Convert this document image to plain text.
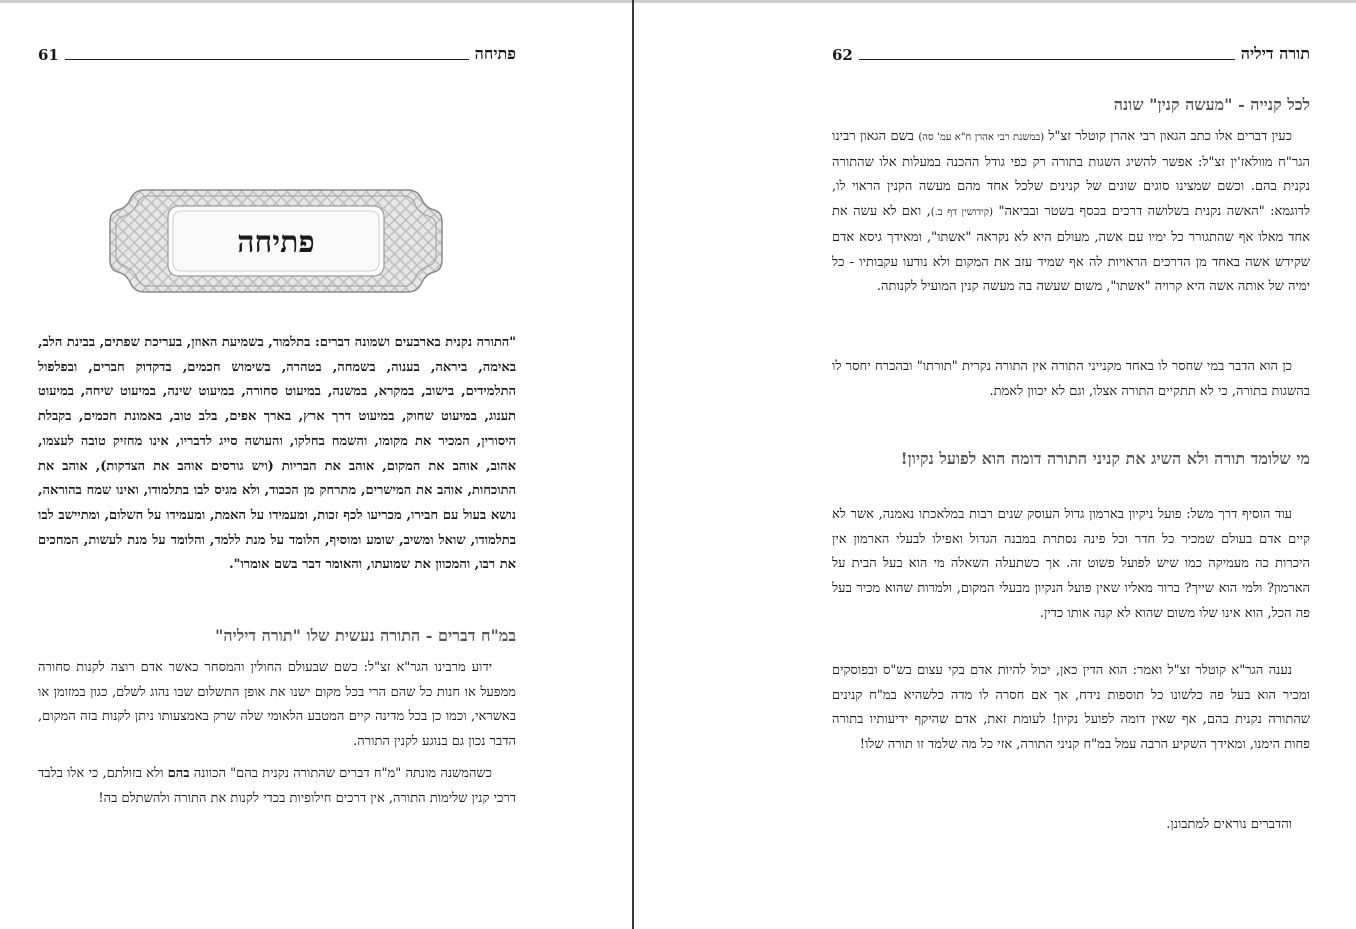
פתיחה
61
פתיחה
"התורה נקנית בארבעים ושמונה דברים: בתלמוד, בשמיעת האוזן, בעריכת שפתים, בבינת הלב, באימה, ביראה, בענוה, בשמחה, בטהרה, בשימוש חכמים, בדקדוק חברים, ובפלפול התלמידים, בישוב, במקרא, במשנה, במיעוט סחורה, במיעוט שינה, במיעוט שיחה, במיעוט תענוג, במיעוט שחוק, במיעוט דרך ארץ, בארך אפים, בלב טוב, באמונת חכמים, בקבלת היסורין, המכיר את מקומו, והשמח בחלקו, והעושה סייג לדבריו, אינו מחזיק טובה לעצמו, אהוב, אוהב את המקום, אוהב את הבריות (ויש גורסים אוהב את הצדקות), אוהב את התוכחות, אוהב את המישרים, מתרחק מן הכבוד, ולא מגיס לבו בתלמודו, ואינו שמח בהוראה, נושא בעול עם חבירו, מכריעו לכף זכות, ומעמידו על האמת, ומעמידו על השלום, ומתיישב לבו בתלמודו, שואל ומשיב, שומע ומוסיף, הלומד על מנת ללמד, והלומד על מנת לעשות, המחכים את רבו, והמכוון את שמועתו, והאומר דבר בשם אומרו".
במ"ח דברים - התורה נעשית שלו "תורה דיליה"
ידוע מרבינו הגר"א זצ"ל: כשם שבעולם החולין והמסחר כאשר אדם רוצה לקנות סחורה ממפעל או חנות כל שהם הרי בכל מקום ישנו את אופן התשלום שבו נהוג לשלם, כגון במזומן או באשראי, וכמו כן בכל מדינה קיים המטבע הלאומי שלה שרק באמצעותו ניתן לקנות בזה המקום, הדבר נכון גם בנוגע לקנין התורה.
כשהמשנה מונתה "מ"ח דברים שהתורה נקנית בהם" הכוונה בהם ולא בזולתם, כי אלו בלבד דרכי קנין שלימות התורה, אין דרכים חילופיות בכדי לקנות את התורה ולהשתלם בה!
תורה דיליה
62
לכל קנייה - "מעשה קנין" שונה
כעין דברים אלו כתב הגאון רבי אהרן קוטלר זצ"ל (במשנת רבי אהרן ח"א עמ' סה) בשם הגאון רבינו הגר"ח מוולאז'ין זצ"ל: אפשר להשיג השגות בתורה רק כפי גודל ההכנה במעלות אלו שהתורה נקנית בהם. וכשם שמצינו סוגים שונים של קנינים שלכל אחד מהם מעשה הקנין הראוי לו, לדוגמא: "האשה נקנית בשלושה דרכים בכסף בשטר ובביאה" (קידושין דף ב.), ואם לא עשה את אחד מאלו אף שהתגורר כל ימיו עם אשה, מעולם היא לא נקראה "אשתו", ומאידך גיסא אדם שקידש אשה באחד מן הדרכים הראויות לה אף שמיד עזב את המקום ולא נודעו עקבותיו - כל ימיה של אותה אשה היא קרויה "אשתו", משום שעשה בה מעשה קנין המועיל לקנותה.
כן הוא הדבר במי שחסר לו באחד מקנייני התורה אין התורה נקרית "תורתו" ובהכרח יחסר לו בהשגות בתורה, כי לא תתקיים התורה אצלו, וגם לא יכוון לאמת.
מי שלומד תורה ולא השיג את קניני התורה דומה הוא לפועל נקיון!
עוד הוסיף דרך משל: פועל ניקיון בארמון גדול העוסק שנים רבות במלאכתו נאמנה, אשר לא קיים אדם בעולם שמכיר כל חדר וכל פינה נסתרת במבנה הגדול ואפילו לבעלי הארמון אין היכרות כה מעמיקה כמו שיש לפועל פשוט זה. אך כשתעלה השאלה מי הוא בעל הבית על הארמון? ולמי הוא שייך? ברור מאליו שאין פועל הנקיון מבעלי המקום, ולמרות שהוא מכיר בעל פה הכל, הוא אינו שלו משום שהוא לא קנה אותו כדין.
נענה הגר"א קוטלר זצ"ל ואמר: הוא הדין כאן, יכול להיות אדם בקי עצום בש"ס ובפוסקים ומכיר הוא בעל פה כלשונו כל תוספות נידח, אך אם חסרה לו מדה כלשהיא במ"ח קנינים שהתורה נקנית בהם, אף שאין דומה לפועל נקיון! לעומת זאת, אדם שהיקף ידיעותיו בתורה פחות הימנו, ומאידך השקיע הרבה עמל במ"ח קניני התורה, אזי כל מה שלמד זו תורה שלו!
והדברים נוראים למתבונן.
